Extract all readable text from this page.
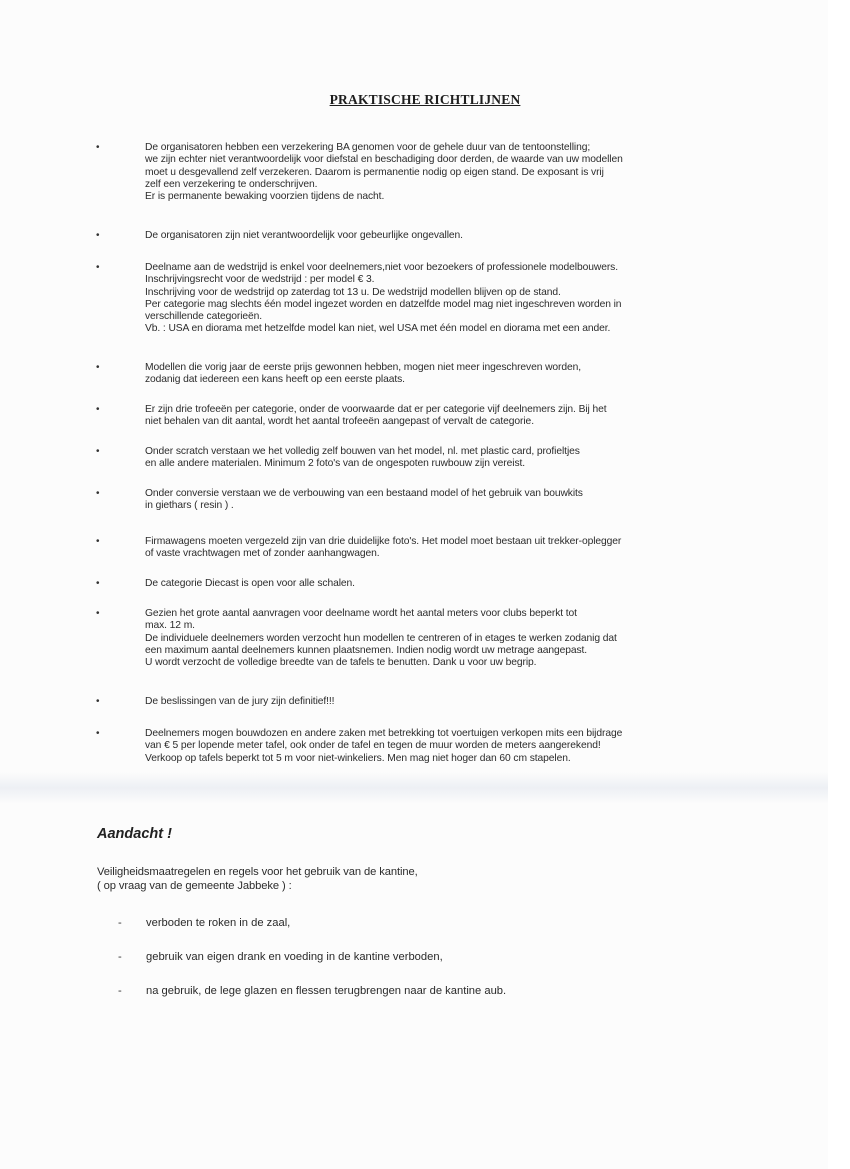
PRAKTISCHE RICHTLIJNEN
•	De organisatoren hebben een verzekering BA genomen voor de gehele duur van de tentoonstelling;
we zijn echter niet verantwoordelijk voor diefstal en beschadiging door derden, de waarde van uw modellen
moet u desgevallend zelf verzekeren. Daarom is permanentie nodig op eigen stand. De exposant is vrij
zelf een verzekering te onderschrijven.
Er is permanente bewaking voorzien tijdens de nacht.
•	De organisatoren zijn niet verantwoordelijk voor gebeurlijke ongevallen.
•	Deelname aan de wedstrijd is enkel voor deelnemers,niet voor bezoekers of professionele modelbouwers.
Inschrijvingsrecht voor de wedstrijd : per model € 3.
Inschrijving voor de wedstrijd op zaterdag tot 13 u. De wedstrijd modellen blijven op de stand.
Per categorie mag slechts één model ingezet worden en datzelfde model mag niet ingeschreven worden in
verschillende categorieën.
Vb. : USA en diorama met hetzelfde model kan niet, wel USA met één model en diorama met een ander.
•	Modellen die vorig jaar de eerste prijs gewonnen hebben, mogen niet meer ingeschreven worden,
zodanig dat iedereen een kans heeft op een eerste plaats.
•	Er zijn drie trofeeën per categorie, onder de voorwaarde dat er per categorie vijf deelnemers zijn. Bij het
niet behalen van dit aantal, wordt het aantal trofeeën aangepast of vervalt de categorie.
•	Onder scratch verstaan we het volledig zelf bouwen van het model, nl. met plastic card, profieltjes
en alle andere materialen. Minimum 2 foto's van de ongespoten ruwbouw zijn vereist.
•	Onder conversie verstaan we de verbouwing van een bestaand model of het gebruik van bouwkits
in giethars ( resin ) .
•	Firmawagens moeten vergezeld zijn van drie duidelijke foto's. Het model moet bestaan uit trekker-oplegger
of vaste vrachtwagen met of zonder aanhangwagen.
•	De categorie Diecast is open voor alle schalen.
•	Gezien het grote aantal aanvragen voor deelname wordt het aantal meters voor clubs beperkt tot
max. 12 m.
De individuele deelnemers worden verzocht hun modellen te centreren of in etages te werken zodanig dat
een maximum aantal deelnemers kunnen plaatsnemen. Indien nodig wordt uw metrage aangepast.
U wordt verzocht de volledige breedte van de tafels te benutten. Dank u voor uw begrip.
•	De beslissingen van de jury zijn definitief!!!
•	Deelnemers mogen bouwdozen en andere zaken met betrekking tot voertuigen verkopen mits een bijdrage
van € 5 per lopende meter tafel, ook onder de tafel en tegen de muur worden de meters aangerekend!
Verkoop op tafels beperkt tot 5 m voor niet-winkeliers. Men mag niet hoger dan 60 cm stapelen.
Aandacht !
Veiligheidsmaatregelen en regels voor het gebruik van de kantine,
( op vraag van de gemeente Jabbeke ) :
-	verboden te roken in de zaal,
-	gebruik van eigen drank en voeding in de kantine verboden,
-	na gebruik, de lege glazen en flessen terugbrengen naar de kantine aub.
